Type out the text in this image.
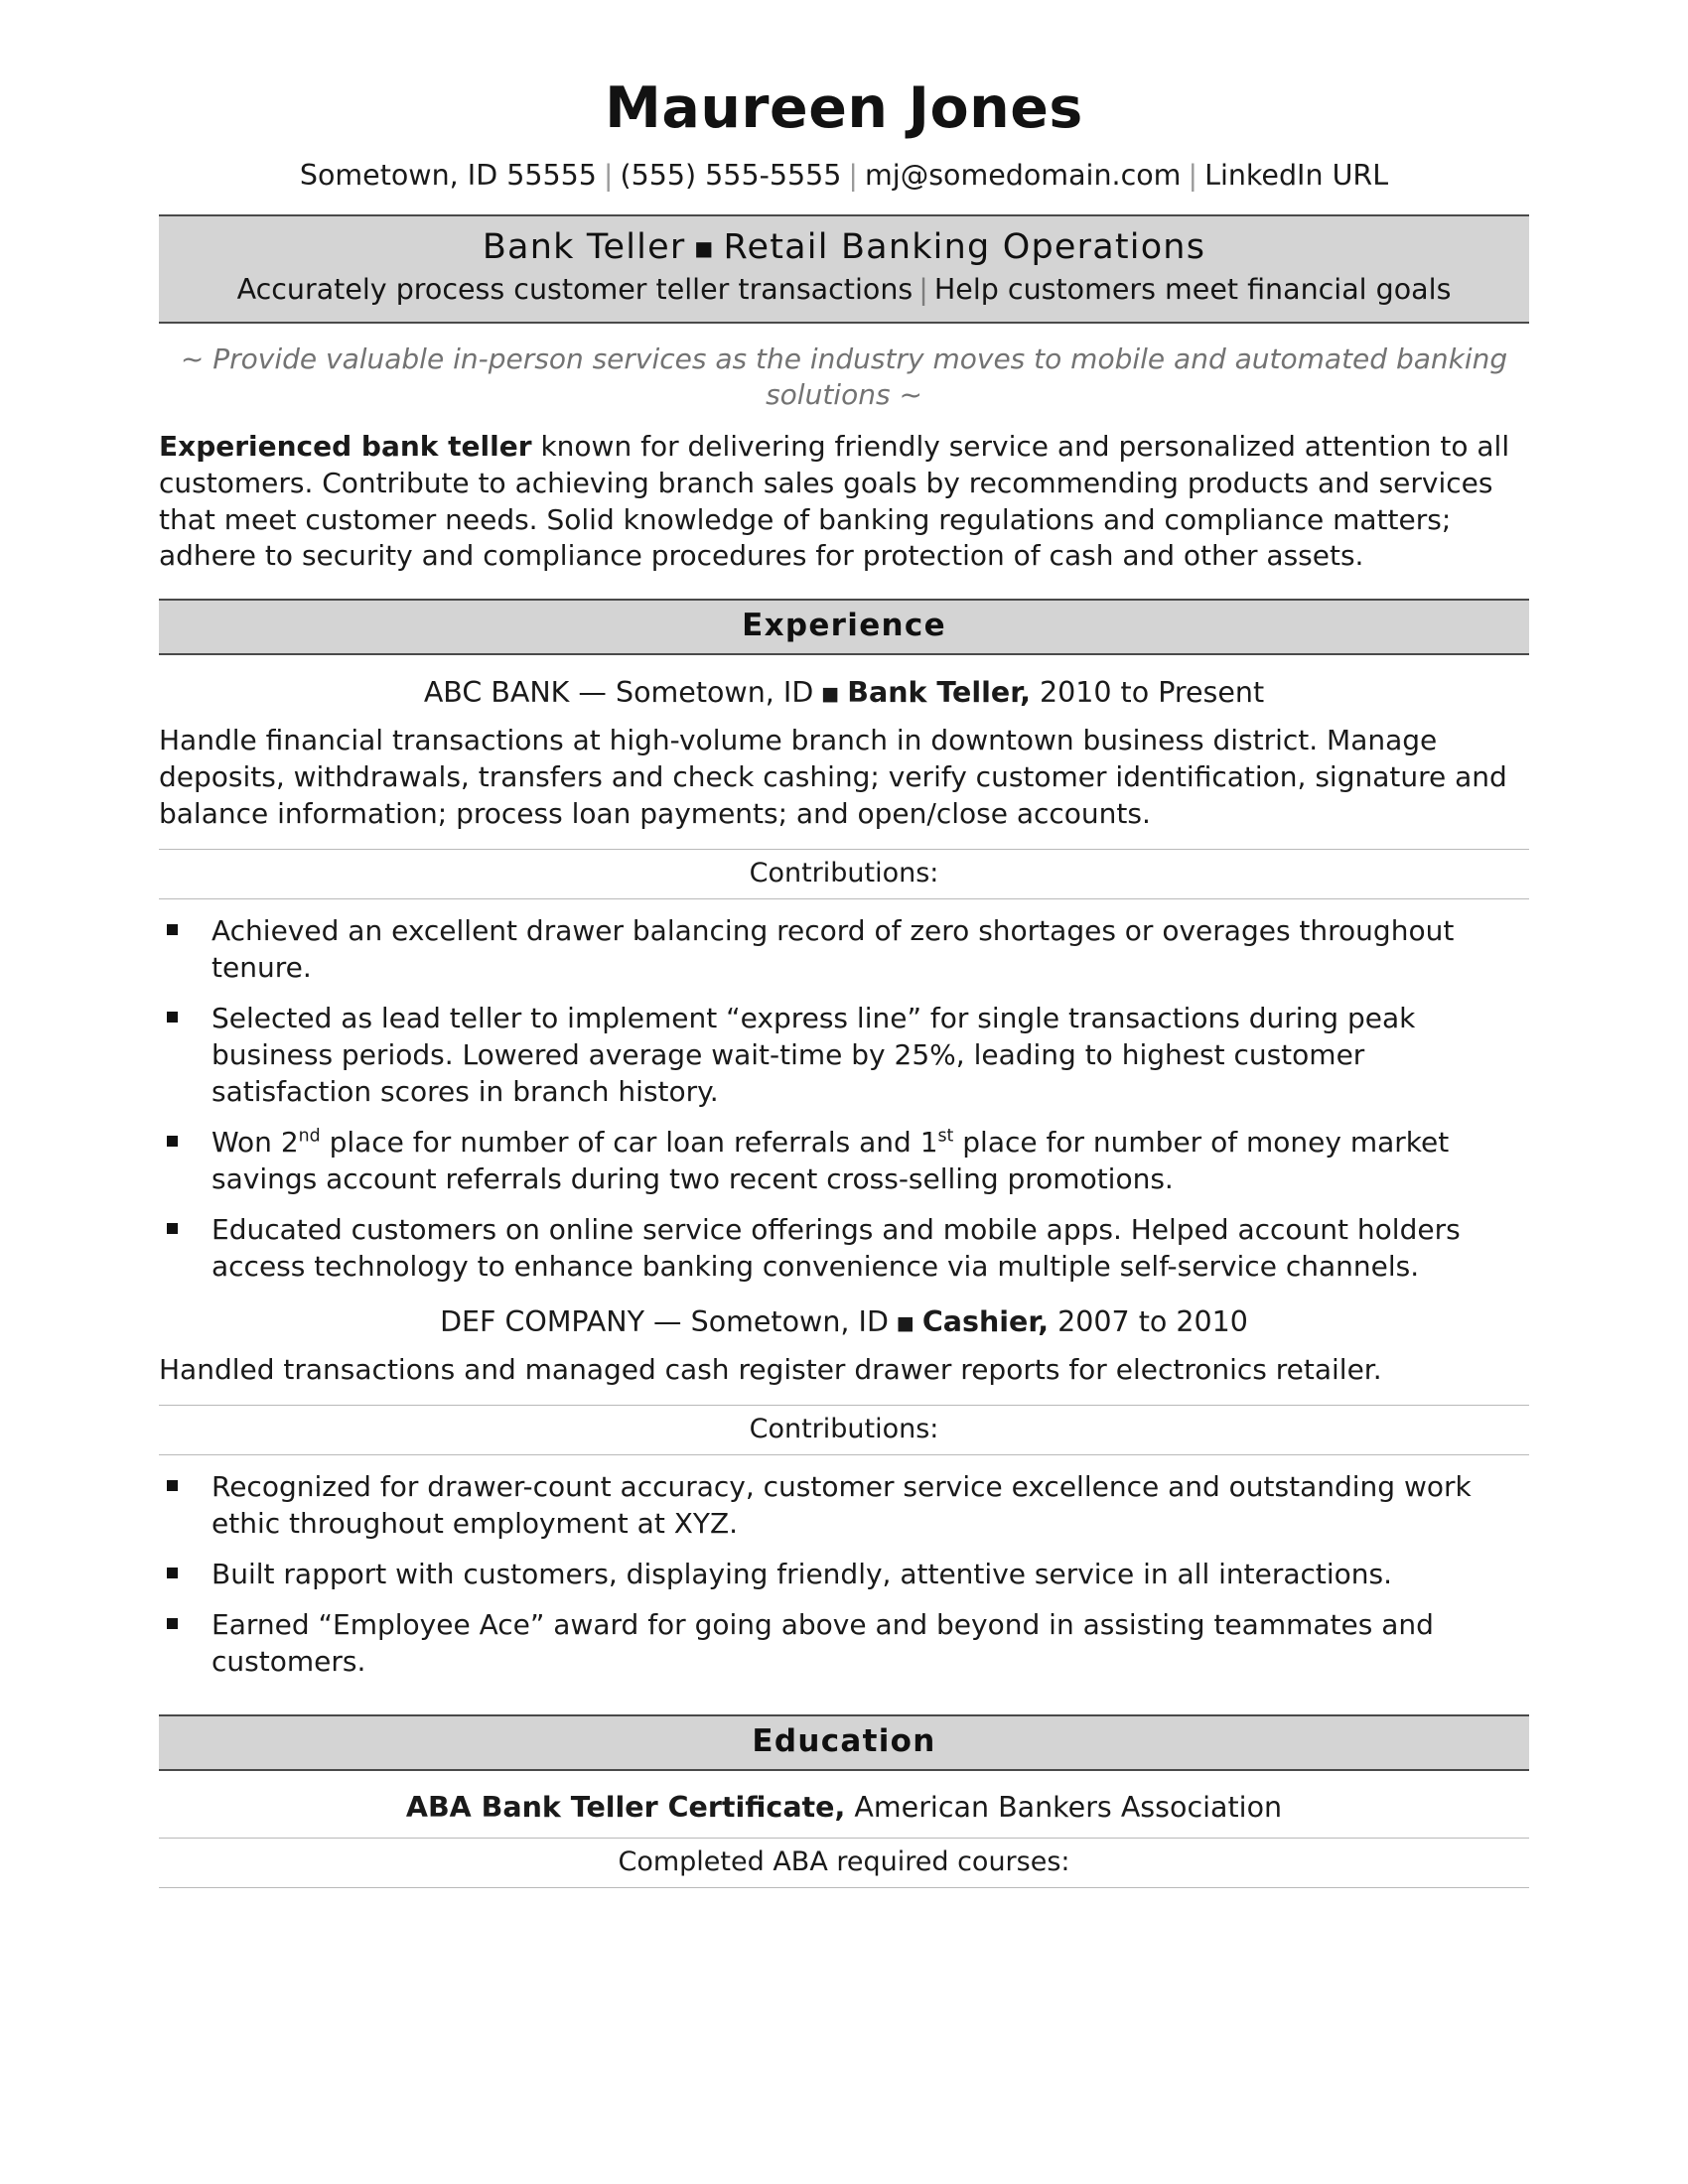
Maureen Jones
Sometown, ID 55555 | (555) 555-5555 | mj@somedomain.com | LinkedIn URL
Bank Teller ■ Retail Banking Operations
Accurately process customer teller transactions | Help customers meet financial goals
~ Provide valuable in-person services as the industry moves to mobile and automated banking solutions ~
Experienced bank teller known for delivering friendly service and personalized attention to all customers. Contribute to achieving branch sales goals by recommending products and services that meet customer needs. Solid knowledge of banking regulations and compliance matters; adhere to security and compliance procedures for protection of cash and other assets.
Experience
ABC BANK — Sometown, ID ■ Bank Teller, 2010 to Present
Handle financial transactions at high-volume branch in downtown business district. Manage deposits, withdrawals, transfers and check cashing; verify customer identification, signature and balance information; process loan payments; and open/close accounts.
Contributions:
Achieved an excellent drawer balancing record of zero shortages or overages throughout tenure.
Selected as lead teller to implement “express line” for single transactions during peak business periods. Lowered average wait-time by 25%, leading to highest customer satisfaction scores in branch history.
Won 2nd place for number of car loan referrals and 1st place for number of money market savings account referrals during two recent cross-selling promotions.
Educated customers on online service offerings and mobile apps. Helped account holders access technology to enhance banking convenience via multiple self-service channels.
DEF COMPANY — Sometown, ID ■ Cashier, 2007 to 2010
Handled transactions and managed cash register drawer reports for electronics retailer.
Contributions:
Recognized for drawer-count accuracy, customer service excellence and outstanding work ethic throughout employment at XYZ.
Built rapport with customers, displaying friendly, attentive service in all interactions.
Earned “Employee Ace” award for going above and beyond in assisting teammates and customers.
Education
ABA Bank Teller Certificate, American Bankers Association
Completed ABA required courses:
